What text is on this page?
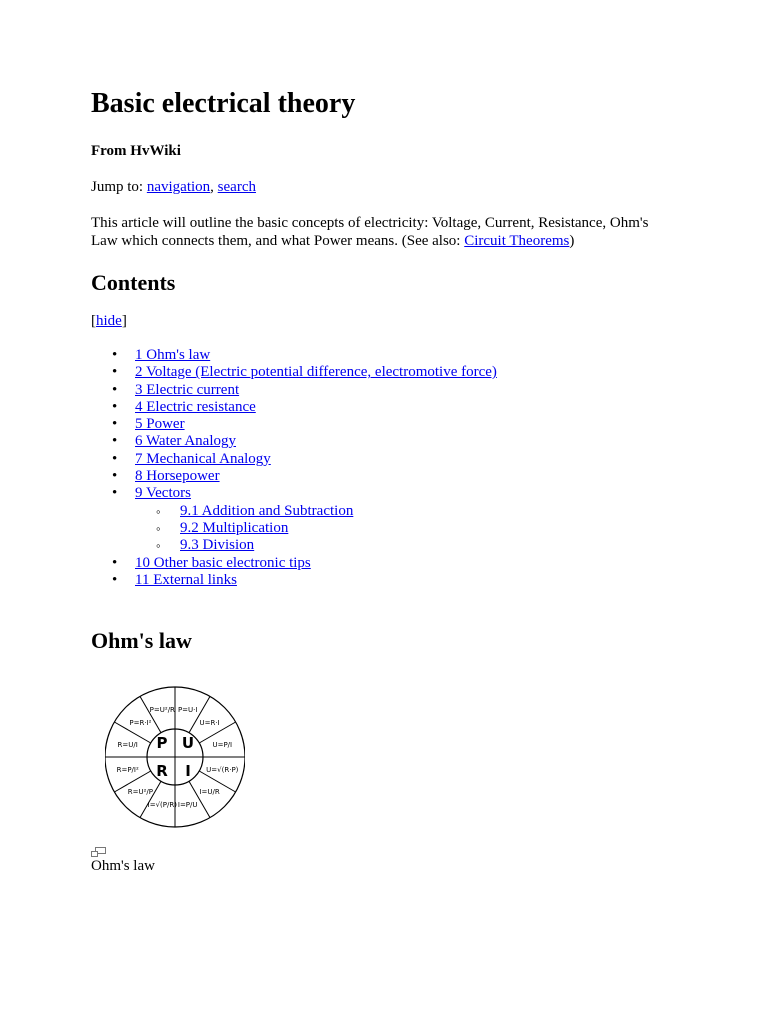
Basic electrical theory
From HvWiki
Jump to: navigation, search
This article will outline the basic concepts of electricity: Voltage, Current, Resistance, Ohm's Law which connects them, and what Power means. (See also: Circuit Theorems)
Contents
[hide]
• 1 Ohm's law
• 2 Voltage (Electric potential difference, electromotive force)
• 3 Electric current
• 4 Electric resistance
• 5 Power
• 6 Water Analogy
• 7 Mechanical Analogy
• 8 Horsepower
• 9 Vectors
◦ 9.1 Addition and Subtraction
◦ 9.2 Multiplication
◦ 9.3 Division
• 10 Other basic electronic tips
• 11 External links
Ohm's law
P U
R I
P=U·I
U=R·I
U=P/I
U=√(R·P)
I=U/R
I=P/U
I=√(P/R)
R=U²/P
R=P/I²
R=U/I
P=R·I²
P=U²/R
Ohm's law
